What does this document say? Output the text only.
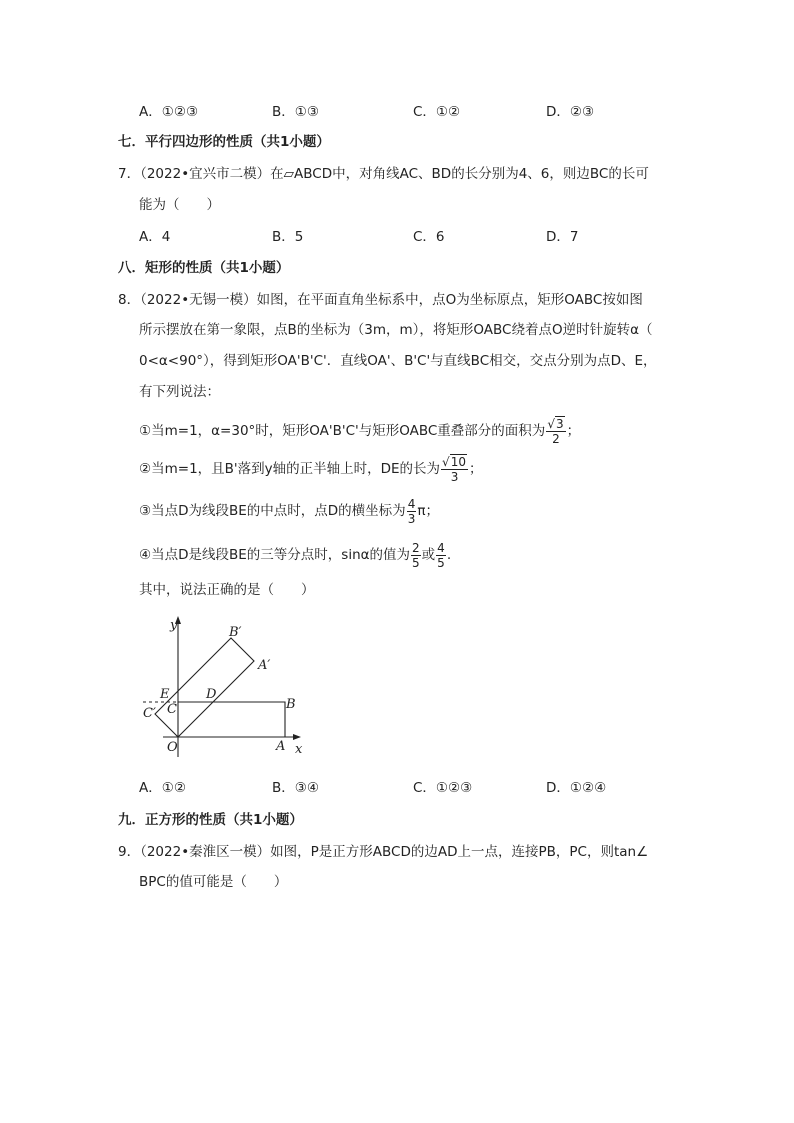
A．①②③	B．①③	C．①②	D．②③
七．平行四边形的性质（共1小题）
7．（2022•宜兴市二模）在▱ABCD中，对角线AC、BD的长分别为4、6，则边BC的长可
能为（　　）
A．4	B．5	C．6	D．7
八．矩形的性质（共1小题）
8．（2022•无锡一模）如图，在平面直角坐标系中，点O为坐标原点，矩形OABC按如图
所示摆放在第一象限，点B的坐标为（3m，m），将矩形OABC绕着点O逆时针旋转α（
0<α<90°），得到矩形OA'B'C'．直线OA'、B'C'与直线BC相交，交点分别为点D、E，
有下列说法：
①当m=1，α=30°时，矩形OA'B'C'与矩形OABC重叠部分的面积为 $\frac{√3}{2}$ ；
②当m=1，且B'落到y轴的正半轴上时，DE的长为 $\frac{√10}{3}$ ；
③当点D为线段BE的中点时，点D的横坐标为 $\frac{4}{3}$ π；
④当点D是线段BE的三等分点时，sinα的值为 $\frac{2}{5}$ 或 $\frac{4}{5}$ .
其中，说法正确的是（　　）
y
x
O	A
B
C
C′
E	D
A′
B′
A．①②	B．③④	C．①②③	D．①②④
九．正方形的性质（共1小题）
9．（2022•秦淮区一模）如图，P是正方形ABCD的边AD上一点，连接PB，PC，则tan∠
BPC的值可能是（　　）
